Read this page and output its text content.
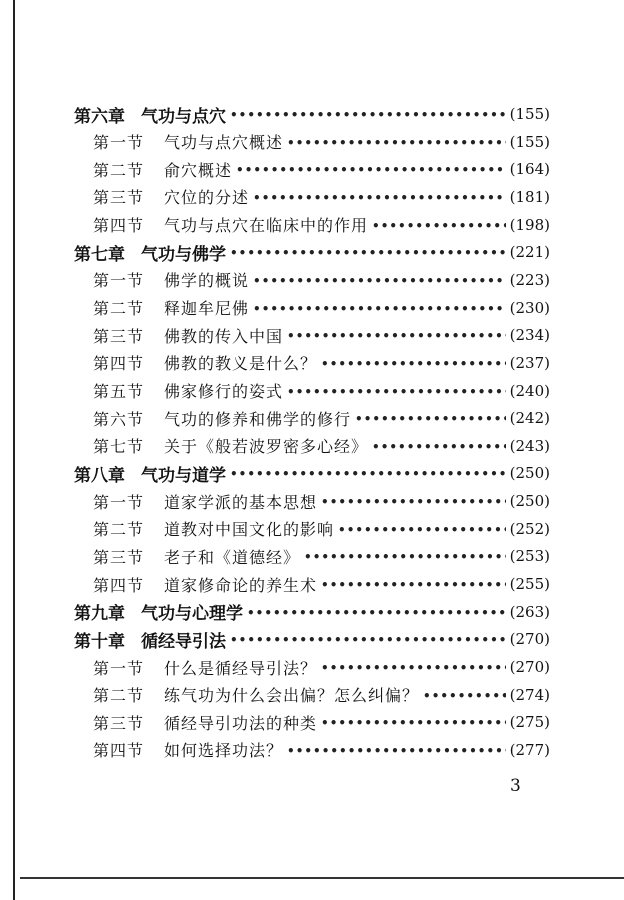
第六章 气功与点穴 •••••	(155)
第一节 气功与点穴概述 •••••	(155)
第二节 俞穴概述 •••••	(164)
第三节 穴位的分述 •••••	(181)
第四节 气功与点穴在临床中的作用 •••••	(198)
第七章 气功与佛学 •••••	(221)
第一节 佛学的概说 •••••	(223)
第二节 释迦牟尼佛 •••••	(230)
第三节 佛教的传入中国 •••••	(234)
第四节 佛教的教义是什么？ •••••	(237)
第五节 佛家修行的姿式 •••••	(240)
第六节 气功的修养和佛学的修行 •••••	(242)
第七节 关于《般若波罗密多心经》 •••••	(243)
第八章 气功与道学 •••••	(250)
第一节 道家学派的基本思想 •••••	(250)
第二节 道教对中国文化的影响 •••••	(252)
第三节 老子和《道德经》 •••••	(253)
第四节 道家修命论的养生术 •••••	(255)
第九章 气功与心理学 •••••	(263)
第十章 循经导引法 •••••	(270)
第一节 什么是循经导引法？ •••••	(270)
第二节 练气功为什么会出偏？怎么纠偏？ •••••	(274)
第三节 循经导引功法的种类 •••••	(275)
第四节 如何选择功法？ •••••	(277)
3
